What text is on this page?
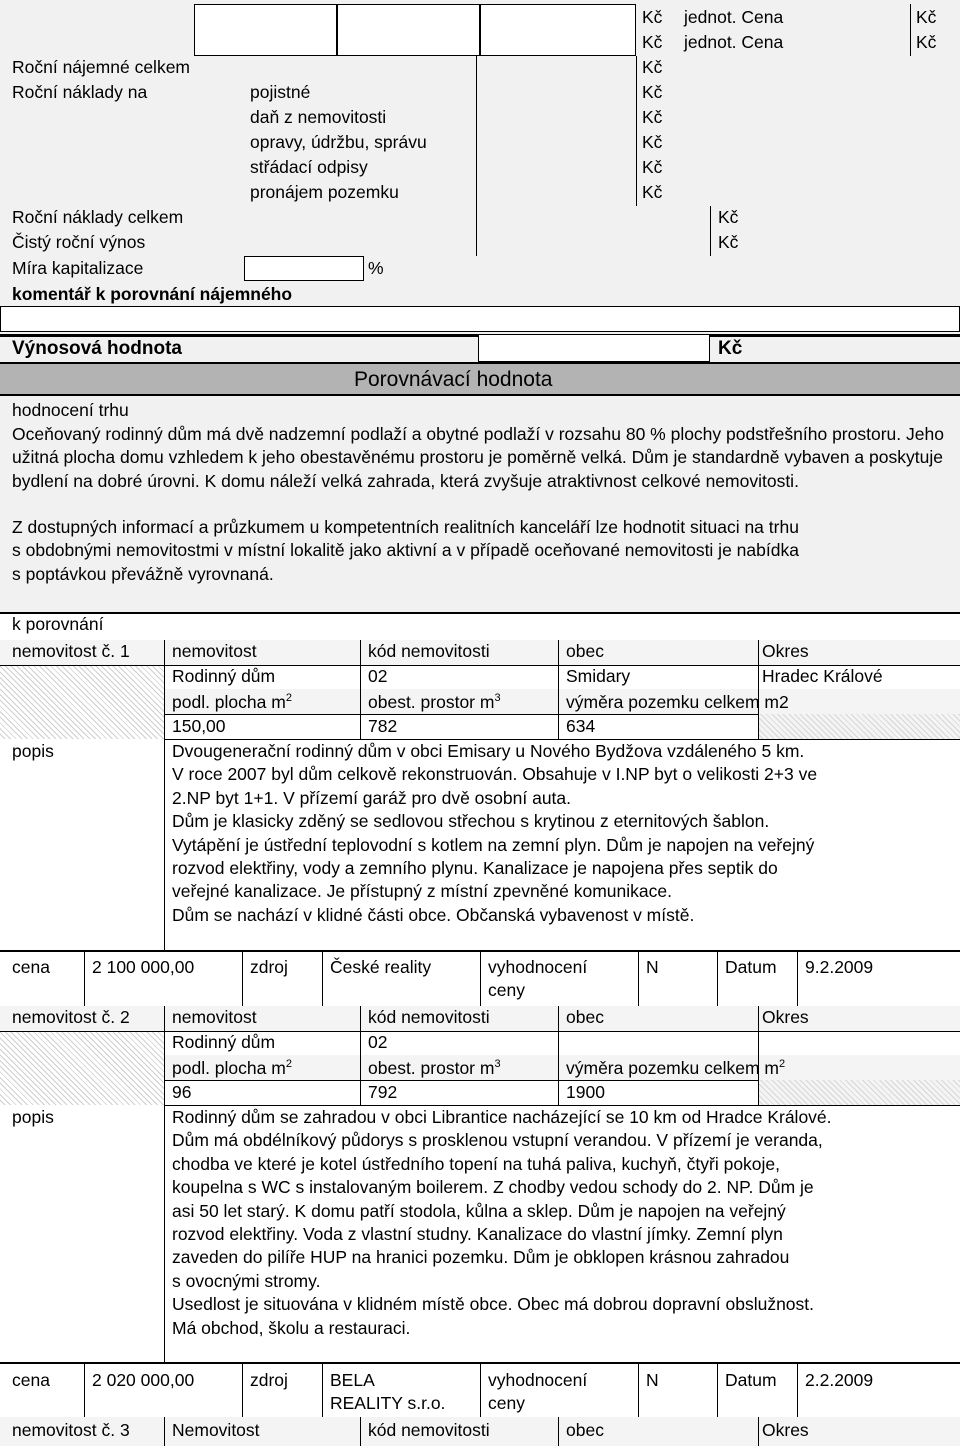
Kč jednot. Cena	Kč
Kč jednot. Cena	Kč
Roční nájemné celkem	Kč
Roční náklady na	pojistné	Kč
daň z nemovitosti	Kč
opravy, údržbu, správu	Kč
střádací odpisy	Kč
pronájem pozemku	Kč
Roční náklady celkem	Kč
Čistý roční výnos	Kč
Míra kapitalizace	%
komentář k porovnání nájemného
Výnosová hodnota	Kč
Porovnávací hodnota
hodnocení trhu
Oceňovaný rodinný dům má dvě nadzemní podlaží a obytné podlaží v rozsahu 80 % plochy podstřešního prostoru. Jeho užitná plocha domu vzhledem k jeho obestavěnému prostoru je poměrně velká. Dům je standardně vybaven a poskytuje bydlení na dobré úrovni. K domu náleží velká zahrada, která zvyšuje atraktivnost celkové nemovitosti.
Z dostupných informací a průzkumem u kompetentních realitních kanceláří lze hodnotit situaci na trhu
s obdobnými nemovitostmi v místní lokalitě jako aktivní a v případě oceňované nemovitosti je nabídka
s poptávkou převážně vyrovnaná.
k porovnání
nemovitost č. 1 nemovitost	kód nemovitosti	obec	Okres
Rodinný dům	02	Smidary	Hradec Králové
podl. plocha $m^2$	obest. prostor $m^3$	výměra pozemku celkem m2
150,00	782	634
popis	Dvougenerační rodinný dům v obci Emisary u Nového Bydžova vzdáleného 5 km.
V roce 2007 byl dům celkově rekonstruován. Obsahuje v I.NP byt o velikosti 2+3 ve
2.NP byt 1+1. V přízemí garáž pro dvě osobní auta.
Dům je klasicky zděný se sedlovou střechou s krytinou z eternitových šablon.
Vytápění je ústřední teplovodní s kotlem na zemní plyn. Dům je napojen na veřejný
rozvod elektřiny, vody a zemního plynu. Kanalizace je napojena přes septik do
veřejné kanalizace. Je přístupný z místní zpevněné komunikace.
Dům se nachází v klidné části obce. Občanská vybavenost v místě.
cena 2 100 000,00	zdroj České reality	vyhodnocení
ceny
N	Datum 9.2.2009
nemovitost č. 2 nemovitost	kód nemovitosti	obec	Okres
Rodinný dům	02
podl. plocha $m^2$	obest. prostor $m^3$	výměra pozemku celkem $m^2$
96	792	1900
popis	Rodinný dům se zahradou v obci Librantice nacházející se 10 km od Hradce Králové.
Dům má obdélníkový půdorys s prosklenou vstupní verandou. V přízemí je veranda,
chodba ve které je kotel ústředního topení na tuhá paliva, kuchyň, čtyři pokoje,
koupelna s WC s instalovaným boilerem. Z chodby vedou schody do 2. NP. Dům je
asi 50 let starý. K domu patří stodola, kůlna a sklep. Dům je napojen na veřejný
rozvod elektřiny. Voda z vlastní studny. Kanalizace do vlastní jímky. Zemní plyn
zaveden do pilíře HUP na hranici pozemku. Dům je obklopen krásnou zahradou
s ovocnými stromy.
Usedlost je situována v klidném místě obce. Obec má dobrou dopravní obslužnost.
Má obchod, školu a restauraci.
cena 2 020 000,00	zdroj BELA
REALITY s.r.o.
vyhodnocení
ceny
N	Datum 2.2.2009
nemovitost č. 3 Nemovitost	kód nemovitosti	obec	Okres
